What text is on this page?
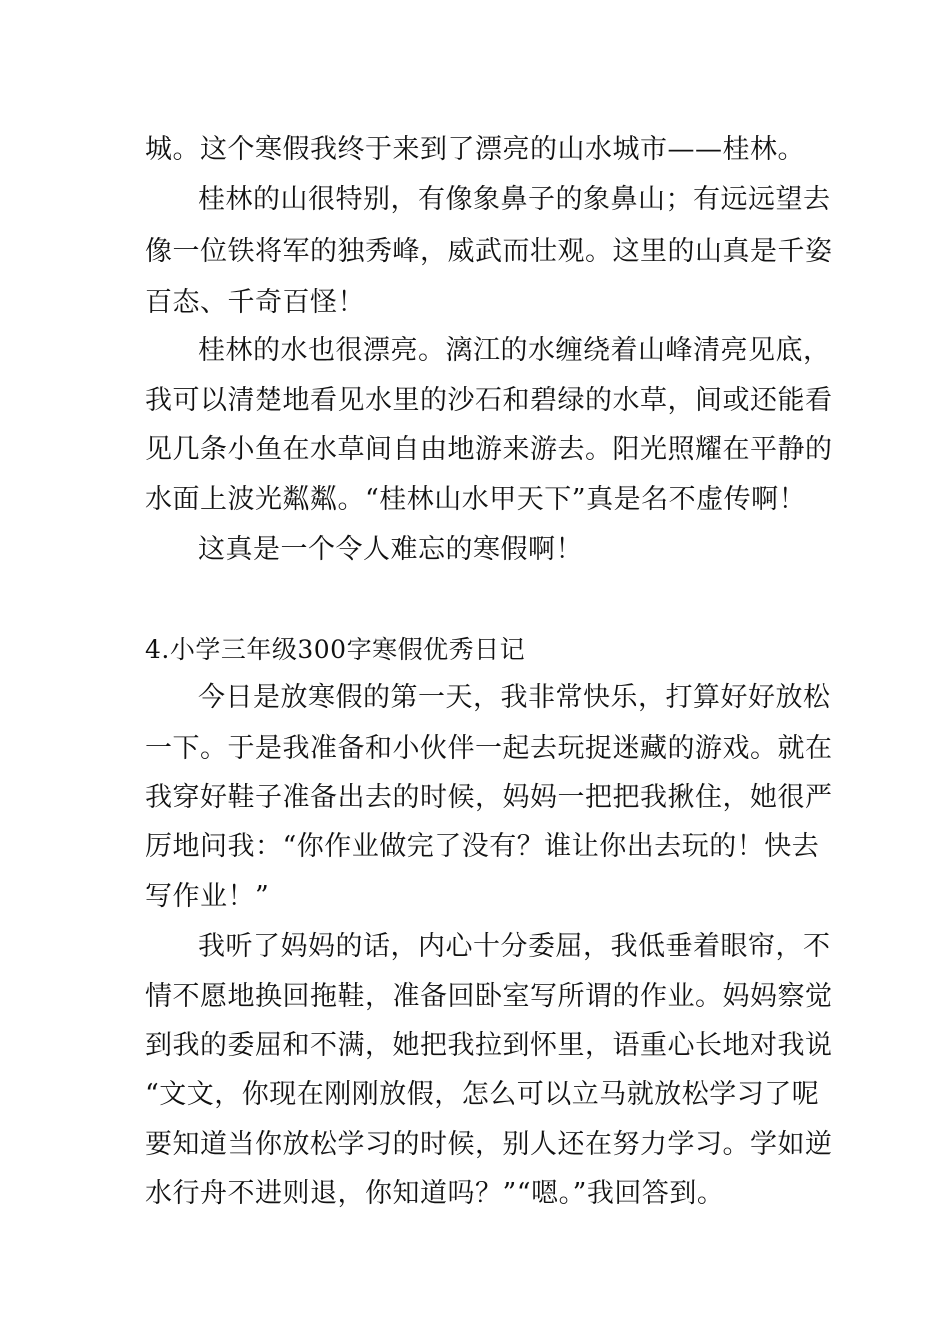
城。这个寒假我终于来到了漂亮的山水城市——桂林。
桂林的山很特别，有像象鼻子的象鼻山；有远远望去
像一位铁将军的独秀峰，威武而壮观。这里的山真是千姿
百态、千奇百怪！
桂林的水也很漂亮。漓江的水缠绕着山峰清亮见底，
我可以清楚地看见水里的沙石和碧绿的水草，间或还能看
见几条小鱼在水草间自由地游来游去。阳光照耀在平静的
水面上波光粼粼。“桂林山水甲天下”真是名不虚传啊！
这真是一个令人难忘的寒假啊！
4.小学三年级300字寒假优秀日记
今日是放寒假的第一天，我非常快乐，打算好好放松
一下。于是我准备和小伙伴一起去玩捉迷藏的游戏。就在
我穿好鞋子准备出去的时候，妈妈一把把我揪住，她很严
厉地问我：“你作业做完了没有？谁让你出去玩的！快去
写作业！”
我听了妈妈的话，内心十分委屈，我低垂着眼帘，不
情不愿地换回拖鞋，准备回卧室写所谓的作业。妈妈察觉
到我的委屈和不满，她把我拉到怀里，语重心长地对我说
“文文，你现在刚刚放假，怎么可以立马就放松学习了呢
要知道当你放松学习的时候，别人还在努力学习。学如逆
水行舟不进则退，你知道吗？”“嗯。”我回答到。
